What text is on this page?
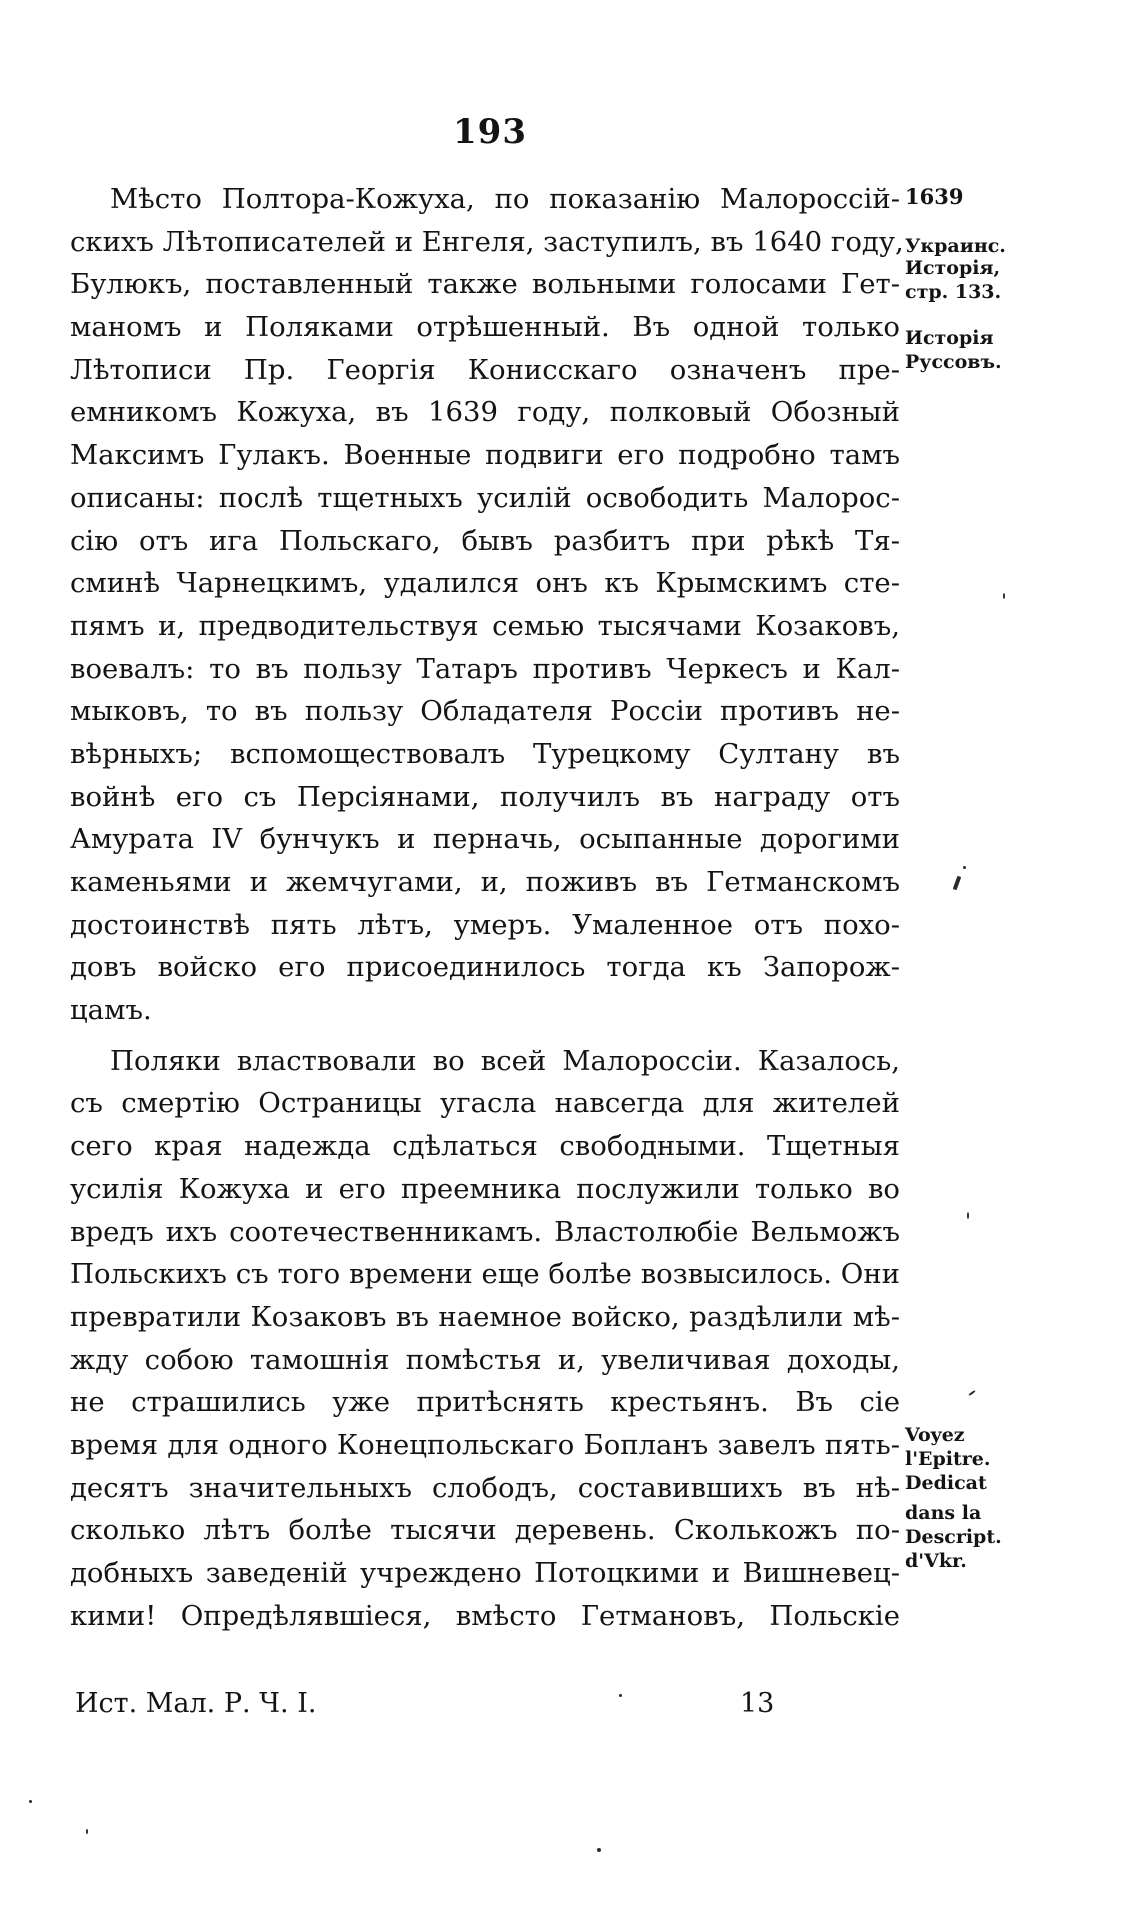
193
Мѣсто Полтора-Кожуха, по показанію Малороссій-
скихъ Лѣтописателей и Енгеля, заступилъ, въ 1640 году,
Булюкъ, поставленный также вольными голосами Гет-
маномъ и Поляками отрѣшенный. Въ одной только
Лѣтописи Пр. Георгія Конисскаго означенъ пре-
емникомъ Кожуха, въ 1639 году, полковый Обозный
Максимъ Гулакъ. Военные подвиги его подробно тамъ
описаны: послѣ тщетныхъ усилій освободить Малорос-
сію отъ ига Польскаго, бывъ разбитъ при рѣкѣ Тя-
сминѣ Чарнецкимъ, удалился онъ къ Крымскимъ сте-
пямъ и, предводительствуя семью тысячами Козаковъ,
воевалъ: то въ пользу Татаръ противъ Черкесъ и Кал-
мыковъ, то въ пользу Обладателя Россіи противъ не-
вѣрныхъ; вспомоществовалъ Турецкому Султану въ
войнѣ его съ Персіянами, получилъ въ награду отъ
Амурата IV бунчукъ и перначь, осыпанные дорогими
каменьями и жемчугами, и, поживъ въ Гетманскомъ
достоинствѣ пять лѣтъ, умеръ. Умаленное отъ похо-
довъ войско его присоединилось тогда къ Запорож-
цамъ.
Поляки властвовали во всей Малороссіи. Казалось,
съ смертію Остраницы угасла навсегда для жителей
сего края надежда сдѣлаться свободными. Тщетныя
усилія Кожуха и его преемника послужили только во
вредъ ихъ соотечественникамъ. Властолюбіе Вельможъ
Польскихъ съ того времени еще болѣе возвысилось. Они
превратили Козаковъ въ наемное войско, раздѣлили мѣ-
жду собою тамошнія помѣстья и, увеличивая доходы,
не страшились уже притѣснять крестьянъ. Въ сіе
время для одного Конецпольскаго Бопланъ завелъ пять-
десятъ значительныхъ слободъ, составившихъ въ нѣ-
сколько лѣтъ болѣе тысячи деревень. Сколькожъ по-
добныхъ заведеній учреждено Потоцкими и Вишневец-
кими! Опредѣлявшіеся, вмѣсто Гетмановъ, Польскіе
1639
Украинс.
Исторія,
стр. 133.
Исторія
Руссовъ.
Voyez
l'Epitre.
Dedicat
dans la
Descript.
d'Vkr.
Ист. Мал. Р. Ч. I.	13
